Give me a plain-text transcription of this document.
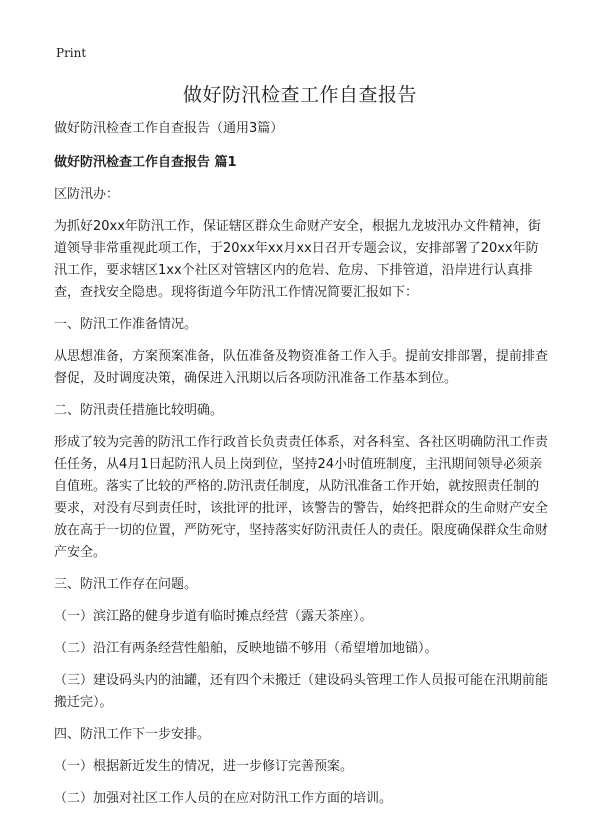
Print
做好防汛检查工作自查报告

做好防汛检查工作自查报告（通用3篇）

做好防汛检查工作自查报告 篇1

区防汛办：

为抓好20xx年防汛工作，保证辖区群众生命财产安全，根据九龙坡汛办文件精神，街道领导非常重视此项工作，于20xx年xx月xx日召开专题会议，安排部署了20xx年防汛工作，要求辖区1xx个社区对管辖区内的危岩、危房、下排管道，沿岸进行认真排查，查找安全隐患。现将街道今年防汛工作情况简要汇报如下：

一、防汛工作准备情况。

从思想准备，方案预案准备，队伍准备及物资准备工作入手。提前安排部署，提前排查督促，及时调度决策，确保进入汛期以后各项防汛准备工作基本到位。

二、防汛责任措施比较明确。

形成了较为完善的防汛工作行政首长负责责任体系，对各科室、各社区明确防汛工作责任任务，从4月1日起防汛人员上岗到位，坚持24小时值班制度，主汛期间领导必须亲自值班。落实了比较的严格的.防汛责任制度，从防汛准备工作开始，就按照责任制的要求，对没有尽到责任时，该批评的批评，该警告的警告，始终把群众的生命财产安全放在高于一切的位置，严防死守，坚持落实好防汛责任人的责任。限度确保群众生命财产安全。

三、防汛工作存在问题。

（一）滨江路的健身步道有临时摊点经营（露天茶座）。

（二）沿江有两条经营性船舶，反映地锚不够用（希望增加地锚）。

（三）建设码头内的油罐，还有四个未搬迁（建设码头管理工作人员报可能在汛期前能搬迁完）。

四、防汛工作下一步安排。

（一）根据新近发生的情况，进一步修订完善预案。

（二）加强对社区工作人员的在应对防汛工作方面的培训。
